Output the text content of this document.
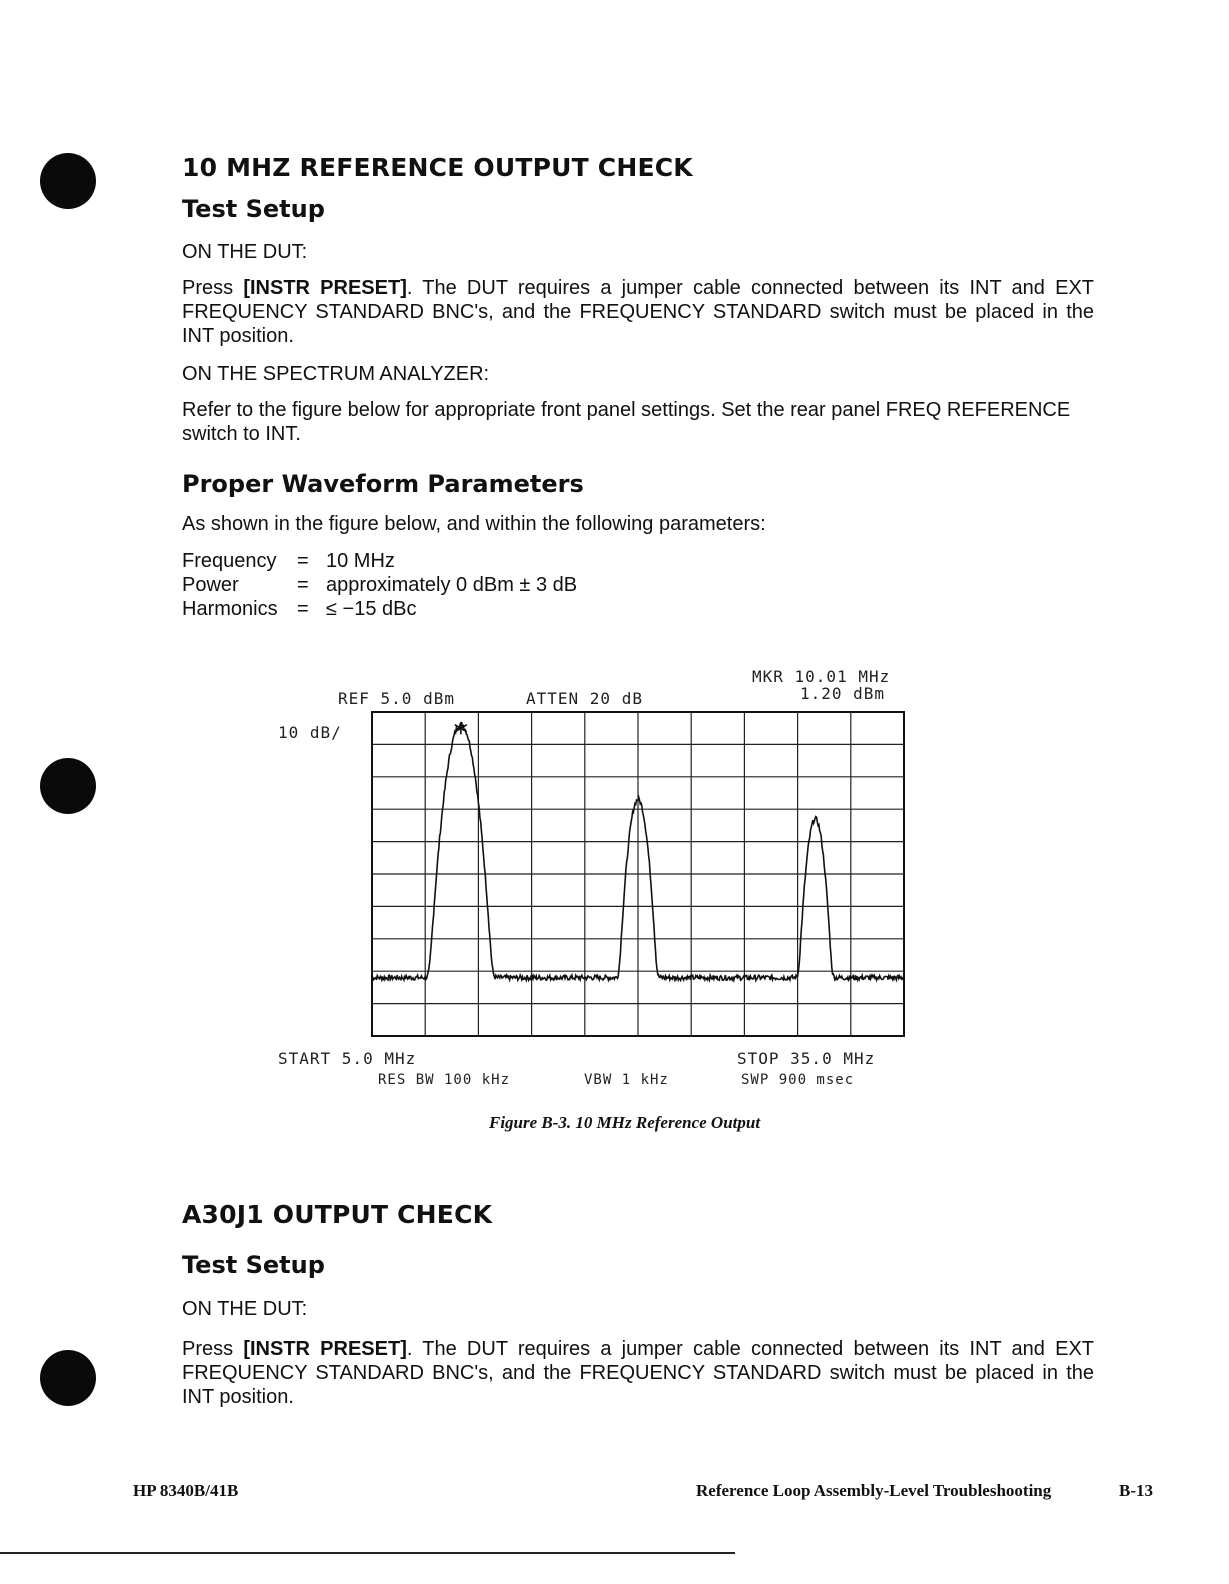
10 MHZ REFERENCE OUTPUT CHECK
Test Setup
ON THE DUT:
Press [INSTR PRESET]. The DUT requires a jumper cable connected between its INT and EXT FREQUENCY STANDARD BNC's, and the FREQUENCY STANDARD switch must be placed in the INT position.
ON THE SPECTRUM ANALYZER:
Refer to the figure below for appropriate front panel settings. Set the rear panel FREQ REFERENCE switch to INT.
Proper Waveform Parameters
As shown in the figure below, and within the following parameters:
Frequency	=	10 MHz
Power	=	approximately 0 dBm ± 3 dB
Harmonics	=	≤ −15 dBc
MKR 10.01 MHz
1.20 dBm
REF 5.0 dBm	ATTEN 20 dB
10 dB/
START 5.0 MHz	STOP 35.0 MHz
RES BW 100 kHz	VBW 1 kHz	SWP 900 msec
Figure B-3. 10 MHz Reference Output
A30J1 OUTPUT CHECK
Test Setup
ON THE DUT:
Press [INSTR PRESET]. The DUT requires a jumper cable connected between its INT and EXT FREQUENCY STANDARD BNC's, and the FREQUENCY STANDARD switch must be placed in the INT position.
HP 8340B/41B	Reference Loop Assembly-Level Troubleshooting	B-13
